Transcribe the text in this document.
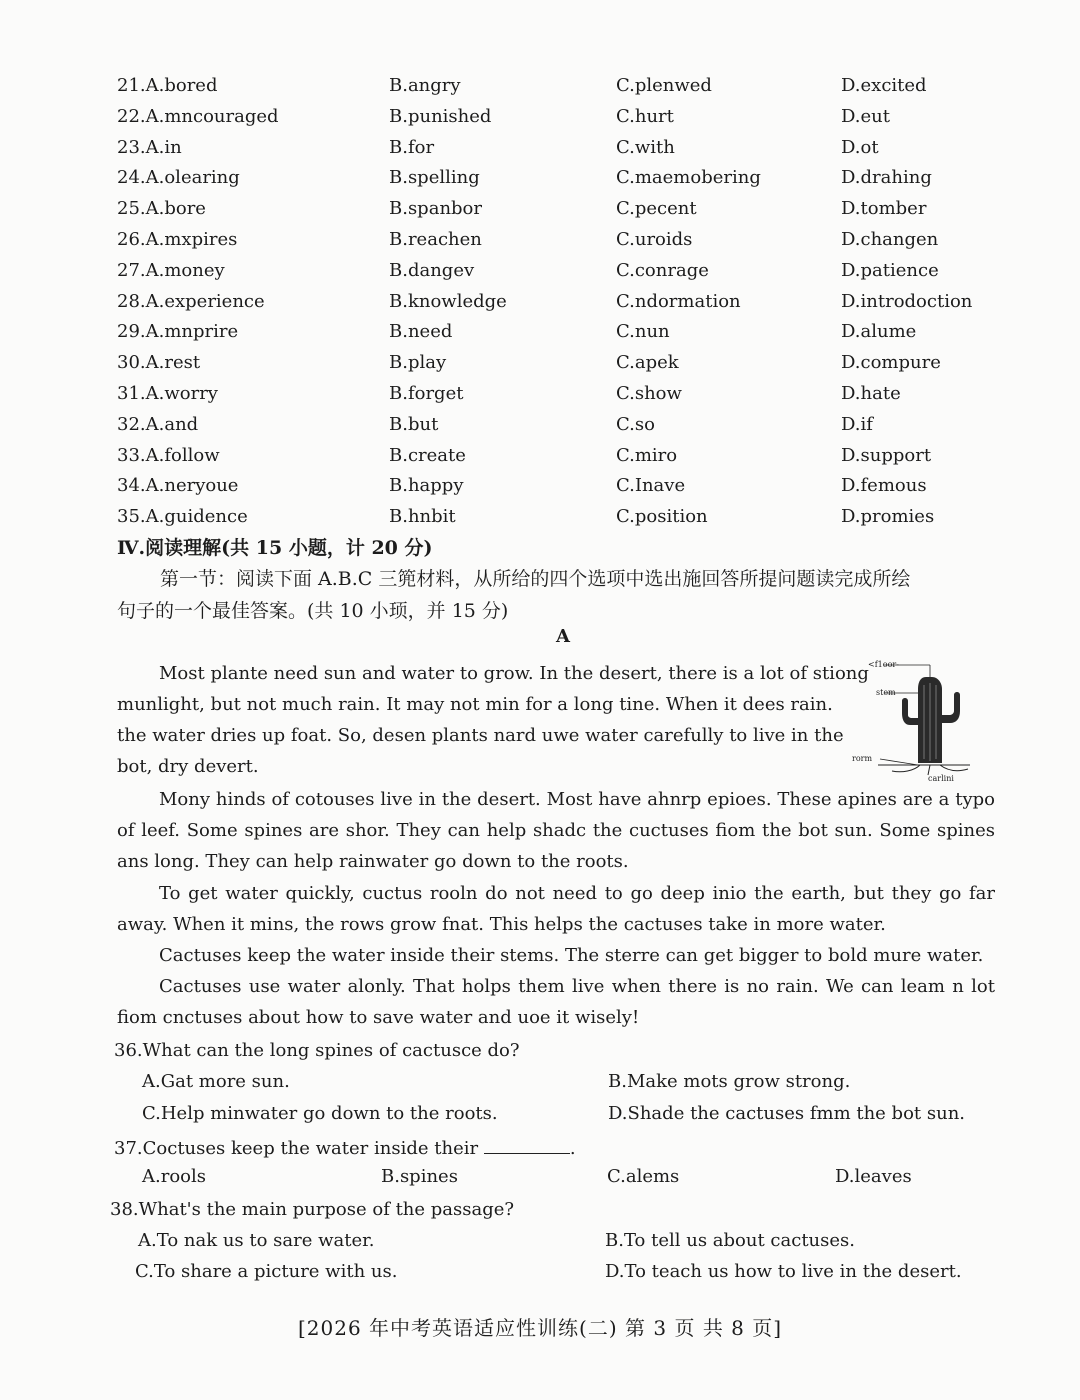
21.A.bored	B.angry	C.plenwed	D.excited
22.A.mncouraged	B.punished	C.hurt	D.eut
23.A.in	B.for	C.with	D.ot
24.A.olearing	B.spelling	C.maemobering	D.drahing
25.A.bore	B.spanbor	C.pecent	D.tomber
26.A.mxpires	B.reachen	C.uroids	D.changen
27.A.money	B.dangev	C.conrage	D.patience
28.A.experience	B.knowledge	C.ndormation	D.introdoction
29.A.mnprire	B.need	C.nun	D.alume
30.A.rest	B.play	C.apek	D.compure
31.A.worry	B.forget	C.show	D.hate
32.A.and	B.but	C.so	D.if
33.A.follow	B.create	C.miro	D.support
34.A.neryoue	B.happy	C.Inave	D.femous
35.A.guidence	B.hnbit	C.position	D.promies
Ⅳ.阅读理解(共 15 小题，计 20 分)
第一节：阅读下面 A.B.C 三篼材料，从所给的四个选项中选出施回答所提问题读完成所绘
句子的一个最佳答案。(共 10 小顼，并 15 分)
A
Most plante need sun and water to grow. In the desert, there is a lot of stiong
munlight, but not much rain. It may not min for a long tine. When it dees rain.
the water dries up foat. So, desen plants nard uwe water carefully to live in the
bot, dry devert.
<f1oor-
stem
rorm
carlini
Mony hinds of cotouses live in the desert. Most have ahnrp epioes. These apines are a typo of leef. Some spines are shor. They can help shadc the cuctuses fiom the bot sun. Some spines ans long. They can help rainwater go down to the roots.
To get water quickly, cuctus rooln do not need to go deep inio the earth, but they go far away. When it mins, the rows grow fnat. This helps the cactuses take in more water.
Cactuses keep the water inside their stems. The sterre can get bigger to bold mure water.
Cactuses use water alonly. That holps them live when there is no rain. We can leam n lot fiom cnctuses about how to save water and uoe it wisely!
36.What can the long spines of cactusce do?
A.Gat more sun.	B.Make mots grow strong.
C.Help minwater go down to the roots.	D.Shade the cactuses fmm the bot sun.
37.Coctuses keep the water inside their	.
A.rools	B.spines	C.alems	D.leaves
38.What's the main purpose of the passage?
A.To nak us to sare water.	B.To tell us about cactuses.
C.To share a picture with us.	D.To teach us how to live in the desert.
[2026 年中考英语适应性训练(二) 第 3 页 共 8 页]
